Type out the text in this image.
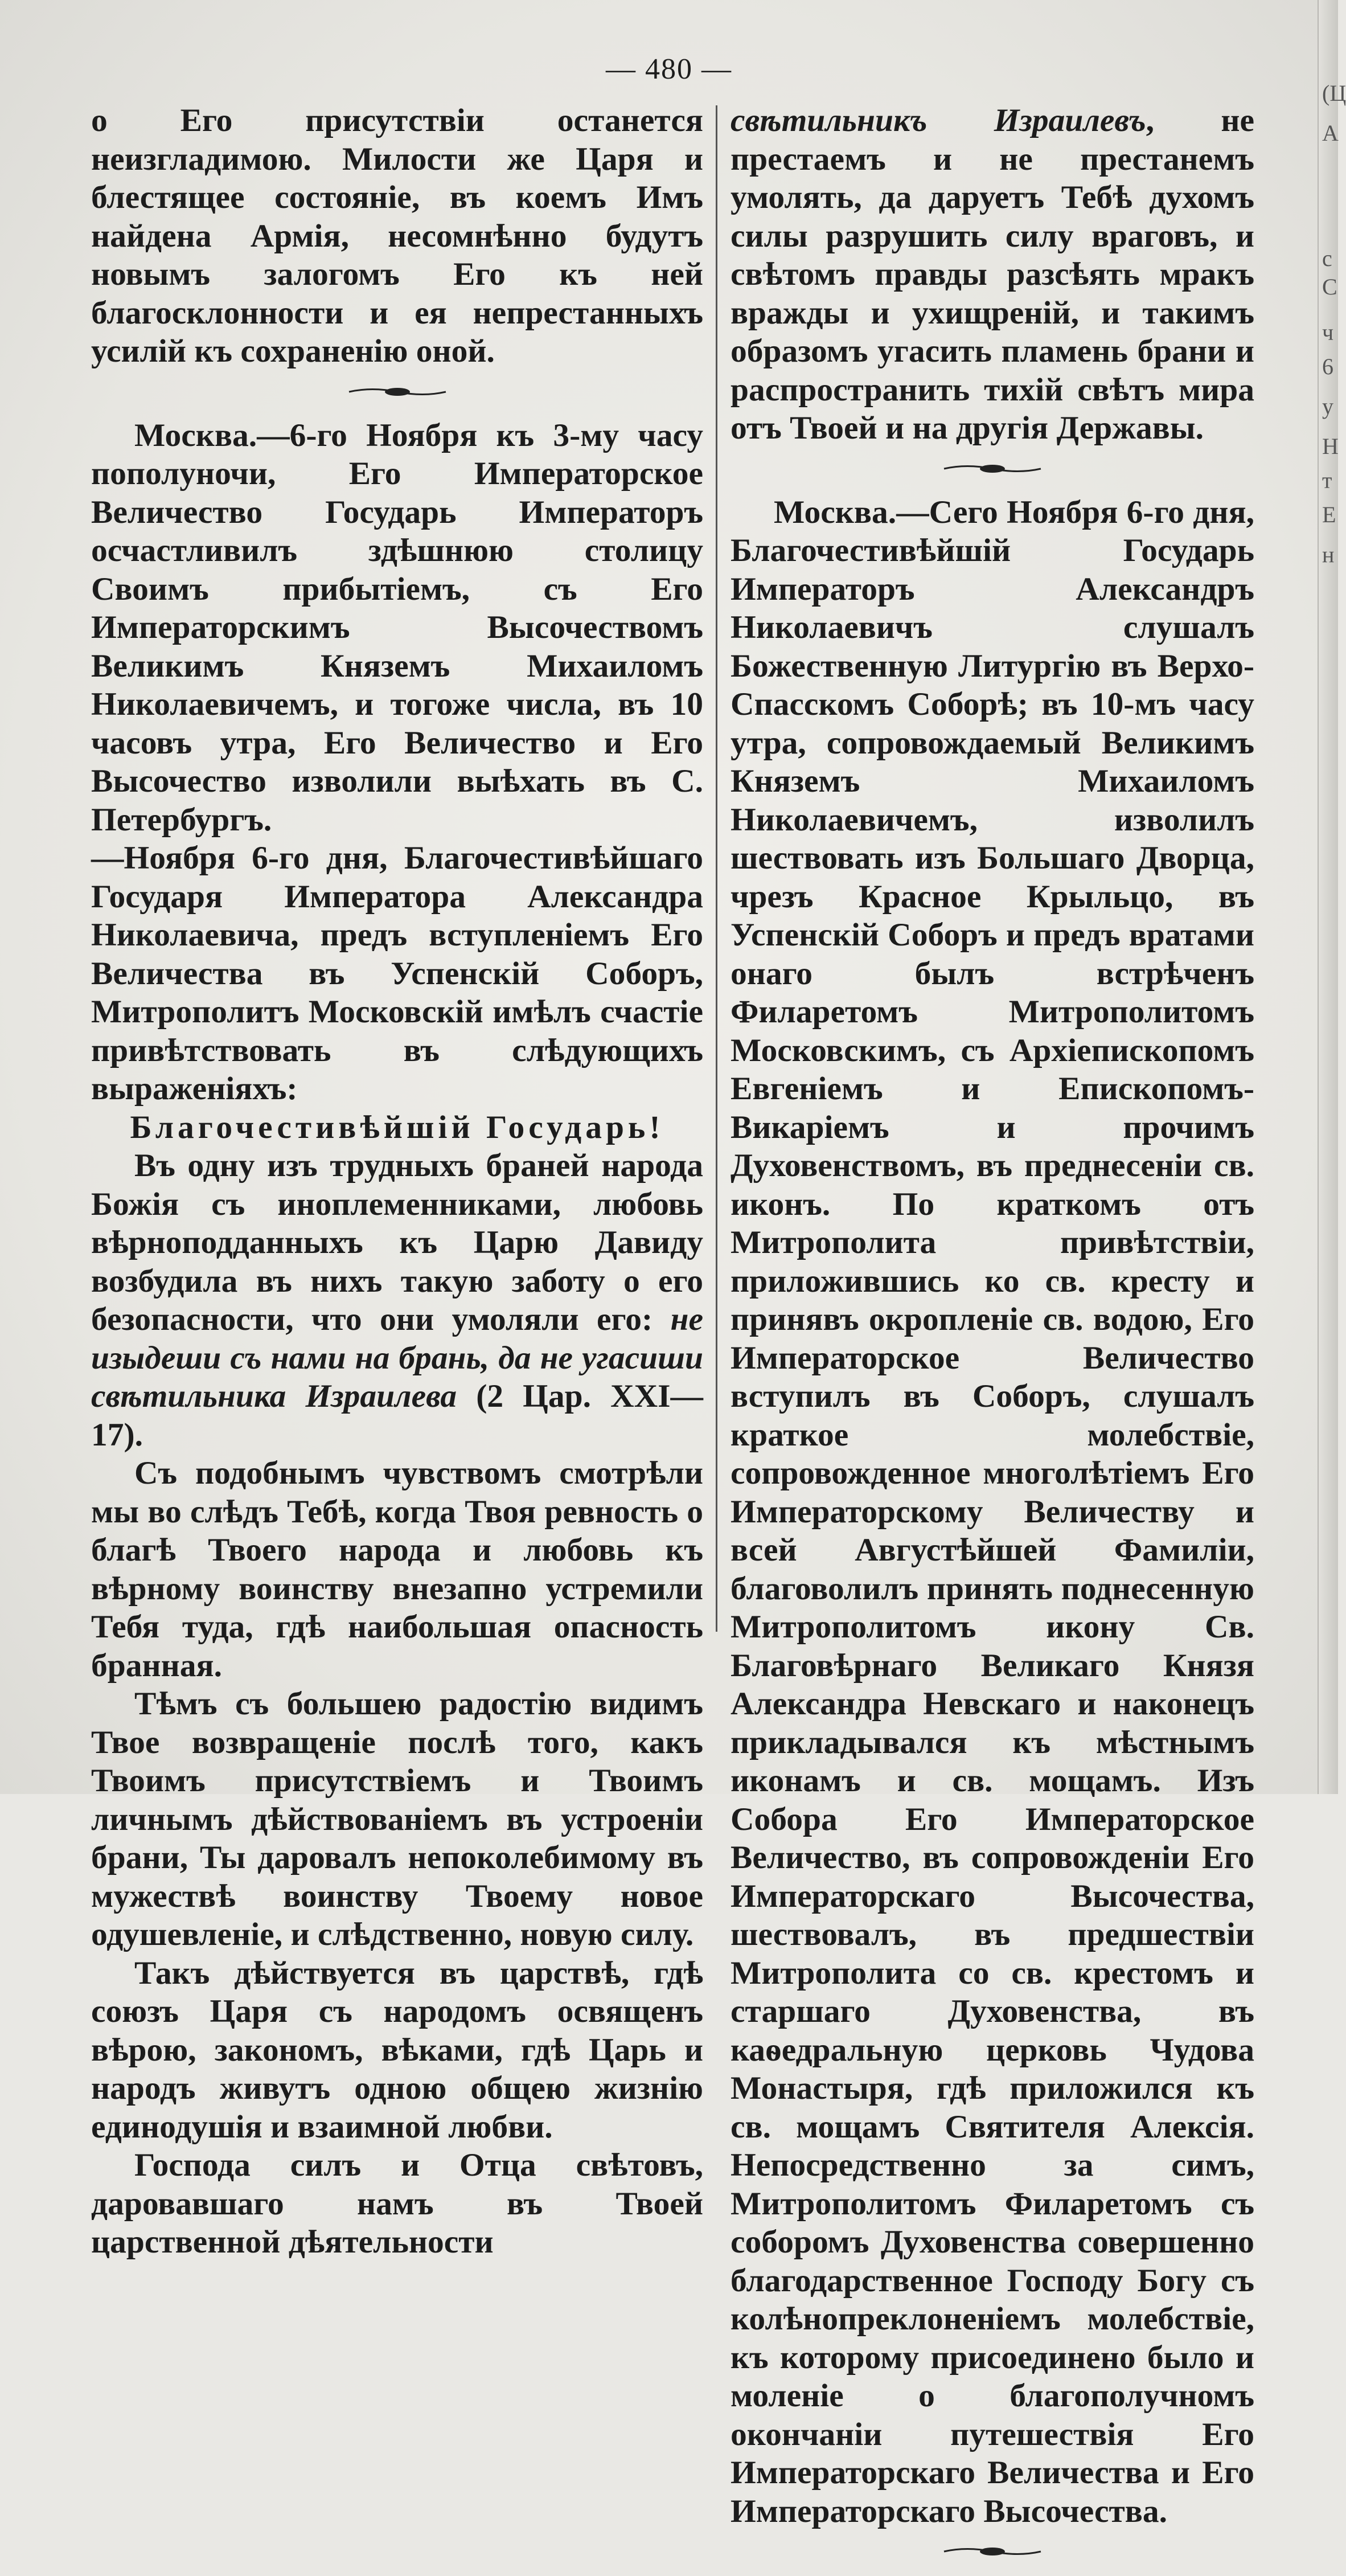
— 480 —

о Его присутствіи останется неизгладимою. Милости же Царя и блестящее состояніе, въ коемъ Имъ найдена Армія, несомнѣнно будутъ новымъ залогомъ Его къ ней благосклонности и ея непрестанныхъ усилій къ сохраненію оной.

Москва.—6-го Ноября къ 3-му часу пополуночи, Его Императорское Величество Государь Императоръ осчастливилъ здѣшнюю столицу Своимъ прибытіемъ, съ Его Императорскимъ Высочествомъ Великимъ Княземъ Михаиломъ Николаевичемъ, и тогоже числа, въ 10 часовъ утра, Его Величество и Его Высочество изволили выѣхать въ С. Петербургъ.

—Ноября 6-го дня, Благочестивѣйшаго Государя Императора Александра Николаевича, предъ вступленіемъ Его Величества въ Успенскій Соборъ, Митрополитъ Московскій имѣлъ счастіе привѣтствовать въ слѣдующихъ выраженіяхъ:

Благочестивѣйшій Государь!

Въ одну изъ трудныхъ браней народа Божія съ иноплеменниками, любовь вѣрноподданныхъ къ Царю Давиду возбудила въ нихъ такую заботу о его безопасности, что они умоляли его: не изыдеши съ нами на брань, да не угасиши свѣтильника Израилева (2 Цар. XXI—17).

Съ подобнымъ чувствомъ смотрѣли мы во слѣдъ Тебѣ, когда Твоя ревность о благѣ Твоего народа и любовь къ вѣрному воинству внезапно устремили Тебя туда, гдѣ наибольшая опасность бранная.

Тѣмъ съ большею радостію видимъ Твое возвращеніе послѣ того, какъ Твоимъ присутствіемъ и Твоимъ личнымъ дѣйствованіемъ въ устроеніи брани, Ты даровалъ непоколебимому въ мужествѣ воинству Твоему новое одушевленіе, и слѣдственно, новую силу.

Такъ дѣйствуется въ царствѣ, гдѣ союзъ Царя съ народомъ освященъ вѣрою, закономъ, вѣками, гдѣ Царь и народъ живутъ одною общею жизнію единодушія и взаимной любви.

Господа силъ и Отца свѣтовъ, даровавшаго намъ въ Твоей царственной дѣятельности

свѣтильникъ Израилевъ, не престаемъ и не престанемъ умолять, да даруетъ Тебѣ духомъ силы разрушить силу враговъ, и свѣтомъ правды разсѣять мракъ вражды и ухищреній, и такимъ образомъ угасить пламень брани и распространить тихій свѣтъ мира отъ Твоей и на другія Державы.

Москва.—Сего Ноября 6-го дня, Благочестивѣйшій Государь Императоръ Александръ Николаевичъ слушалъ Божественную Литургію въ Верхо-Спасскомъ Соборѣ; въ 10-мъ часу утра, сопровождаемый Великимъ Княземъ Михаиломъ Николаевичемъ, изволилъ шествовать изъ Большаго Дворца, чрезъ Красное Крыльцо, въ Успенскій Соборъ и предъ вратами онаго былъ встрѣченъ Филаретомъ Митрополитомъ Московскимъ, съ Архіепископомъ Евгеніемъ и Епископомъ-Викаріемъ и прочимъ Духовенствомъ, въ преднесеніи св. иконъ. По краткомъ отъ Митрополита привѣтствіи, приложившись ко св. кресту и принявъ окропленіе св. водою, Его Императорское Величество вступилъ въ Соборъ, слушалъ краткое молебствіе, сопровожденное многолѣтіемъ Его Императорскому Величеству и всей Августѣйшей Фамиліи, благоволилъ принять поднесенную Митрополитомъ икону Св. Благовѣрнаго Великаго Князя Александра Невскаго и наконецъ прикладывался къ мѣстнымъ иконамъ и св. мощамъ. Изъ Собора Его Императорское Величество, въ сопровожденіи Его Императорскаго Высочества, шествовалъ, въ предшествіи Митрополита со св. крестомъ и старшаго Духовенства, въ каѳедральную церковь Чудова Монастыря, гдѣ приложился къ св. мощамъ Святителя Алексія. Непосредственно за симъ, Митрополитомъ Филаретомъ съ соборомъ Духовенства совершенно благодарственное Господу Богу съ колѣнопреклоненіемъ молебствіе, къ которому присоединено было и моленіе о благополучномъ окончаніи путешествія Его Императорскаго Величества и Его Императорскаго Высочества.

(Ц
А
с
С
ч
6
у
Н
т
Е
н
